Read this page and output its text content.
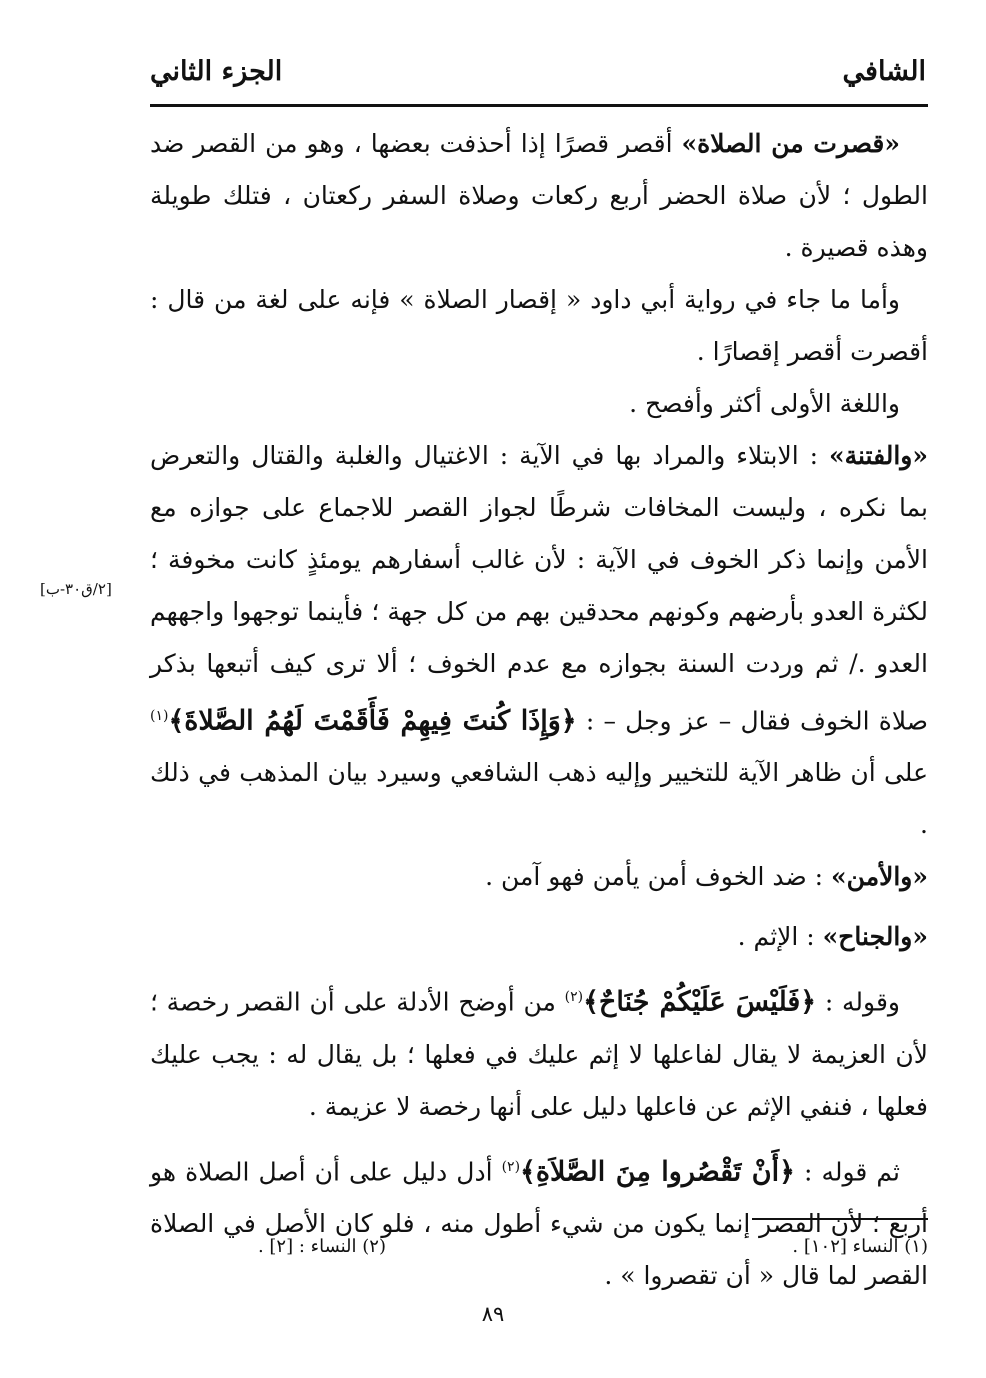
الشافي
الجزء الثاني

«قصرت من الصلاة» أقصر قصرًا إذا أحذفت بعضها ، وهو من القصر ضد الطول ؛ لأن صلاة الحضر أربع ركعات وصلاة السفر ركعتان ، فتلك طويلة وهذه قصيرة .

وأما ما جاء في رواية أبي داود « إقصار الصلاة » فإنه على لغة من قال : أقصرت أقصر إقصارًا .

واللغة الأولى أكثر وأفصح .

«والفتنة» : الابتلاء والمراد بها في الآية : الاغتيال والغلبة والقتال والتعرض بما نكره ، وليست المخافات شرطًا لجواز القصر للاجماع على جوازه مع الأمن وإنما ذكر الخوف في الآية : لأن غالب أسفارهم يومئذٍ كانت مخوفة ؛ لكثرة العدو بأرضهم وكونهم محدقين بهم من كل جهة ؛ فأينما توجهوا واجههم العدو ./ ثم وردت السنة بجوازه مع عدم الخوف ؛ ألا ترى كيف أتبعها بذكر صلاة الخوف فقال – عز وجل – : ﴿وَإِذَا كُنتَ فِيهِمْ فَأَقَمْتَ لَهُمُ الصَّلاةَ﴾$^{(١)}$ على أن ظاهر الآية للتخيير وإليه ذهب الشافعي وسيرد بيان المذهب في ذلك .

«والأمن» : ضد الخوف أمن يأمن فهو آمن .

«والجناح» : الإثم .

وقوله : ﴿فَلَيْسَ عَلَيْكُمْ جُنَاحٌ﴾$^{(٢)}$ من أوضح الأدلة على أن القصر رخصة ؛ لأن العزيمة لا يقال لفاعلها لا إثم عليك في فعلها ؛ بل يقال له : يجب عليك فعلها ، فنفي الإثم عن فاعلها دليل على أنها رخصة لا عزيمة .

ثم قوله : ﴿أَنْ تَقْصُروا مِنَ الصَّلاَةِ﴾$^{(٢)}$ أدل دليل على أن أصل الصلاة هو أربع ؛ لأن القصر إنما يكون من شيء أطول منه ، فلو كان الأصل في الصلاة القصر لما قال « أن تقصروا » .

[٢/ق٣٠-ب]
(١) النساء [١٠٢] .
(٢) النساء : [٢] .
٨٩
